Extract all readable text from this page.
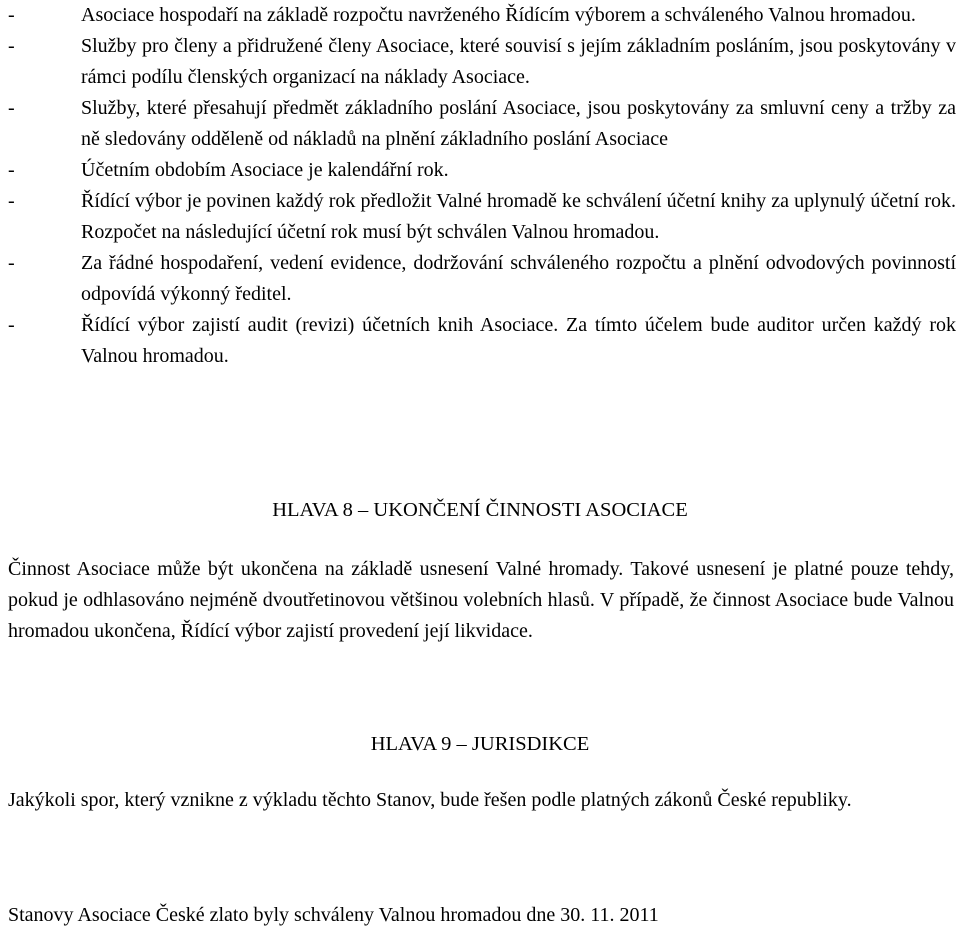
-	Asociace hospodaří na základě rozpočtu navrženého Řídícím výborem a schváleného Valnou hromadou.
-	Služby pro členy a přidružené členy Asociace, které souvisí s jejím základním posláním, jsou poskytovány v rámci podílu členských organizací na náklady Asociace.
-	Služby, které přesahují předmět základního poslání Asociace, jsou poskytovány za smluvní ceny a tržby za ně sledovány odděleně od nákladů na plnění základního poslání Asociace
-	Účetním obdobím Asociace je kalendářní rok.
-	Řídící výbor je povinen každý rok předložit Valné hromadě ke schválení účetní knihy za uplynulý účetní rok. Rozpočet na následující účetní rok musí být schválen Valnou hromadou.
-	Za řádné hospodaření, vedení evidence, dodržování schváleného rozpočtu a plnění odvodových povinností odpovídá výkonný ředitel.
-	Řídící výbor zajistí audit (revizi) účetních knih Asociace. Za tímto účelem bude auditor určen každý rok Valnou hromadou.
HLAVA 8 – UKONČENÍ ČINNOSTI ASOCIACE
Činnost Asociace může být ukončena na základě usnesení Valné hromady. Takové usnesení je platné pouze tehdy, pokud je odhlasováno nejméně dvoutřetinovou většinou volebních hlasů. V případě, že činnost Asociace bude Valnou hromadou ukončena, Řídící výbor zajistí provedení její likvidace.
HLAVA 9 – JURISDIKCE
Jakýkoli spor, který vznikne z výkladu těchto Stanov, bude řešen podle platných zákonů České republiky.
Stanovy Asociace České zlato byly schváleny Valnou hromadou dne 30. 11. 2011
